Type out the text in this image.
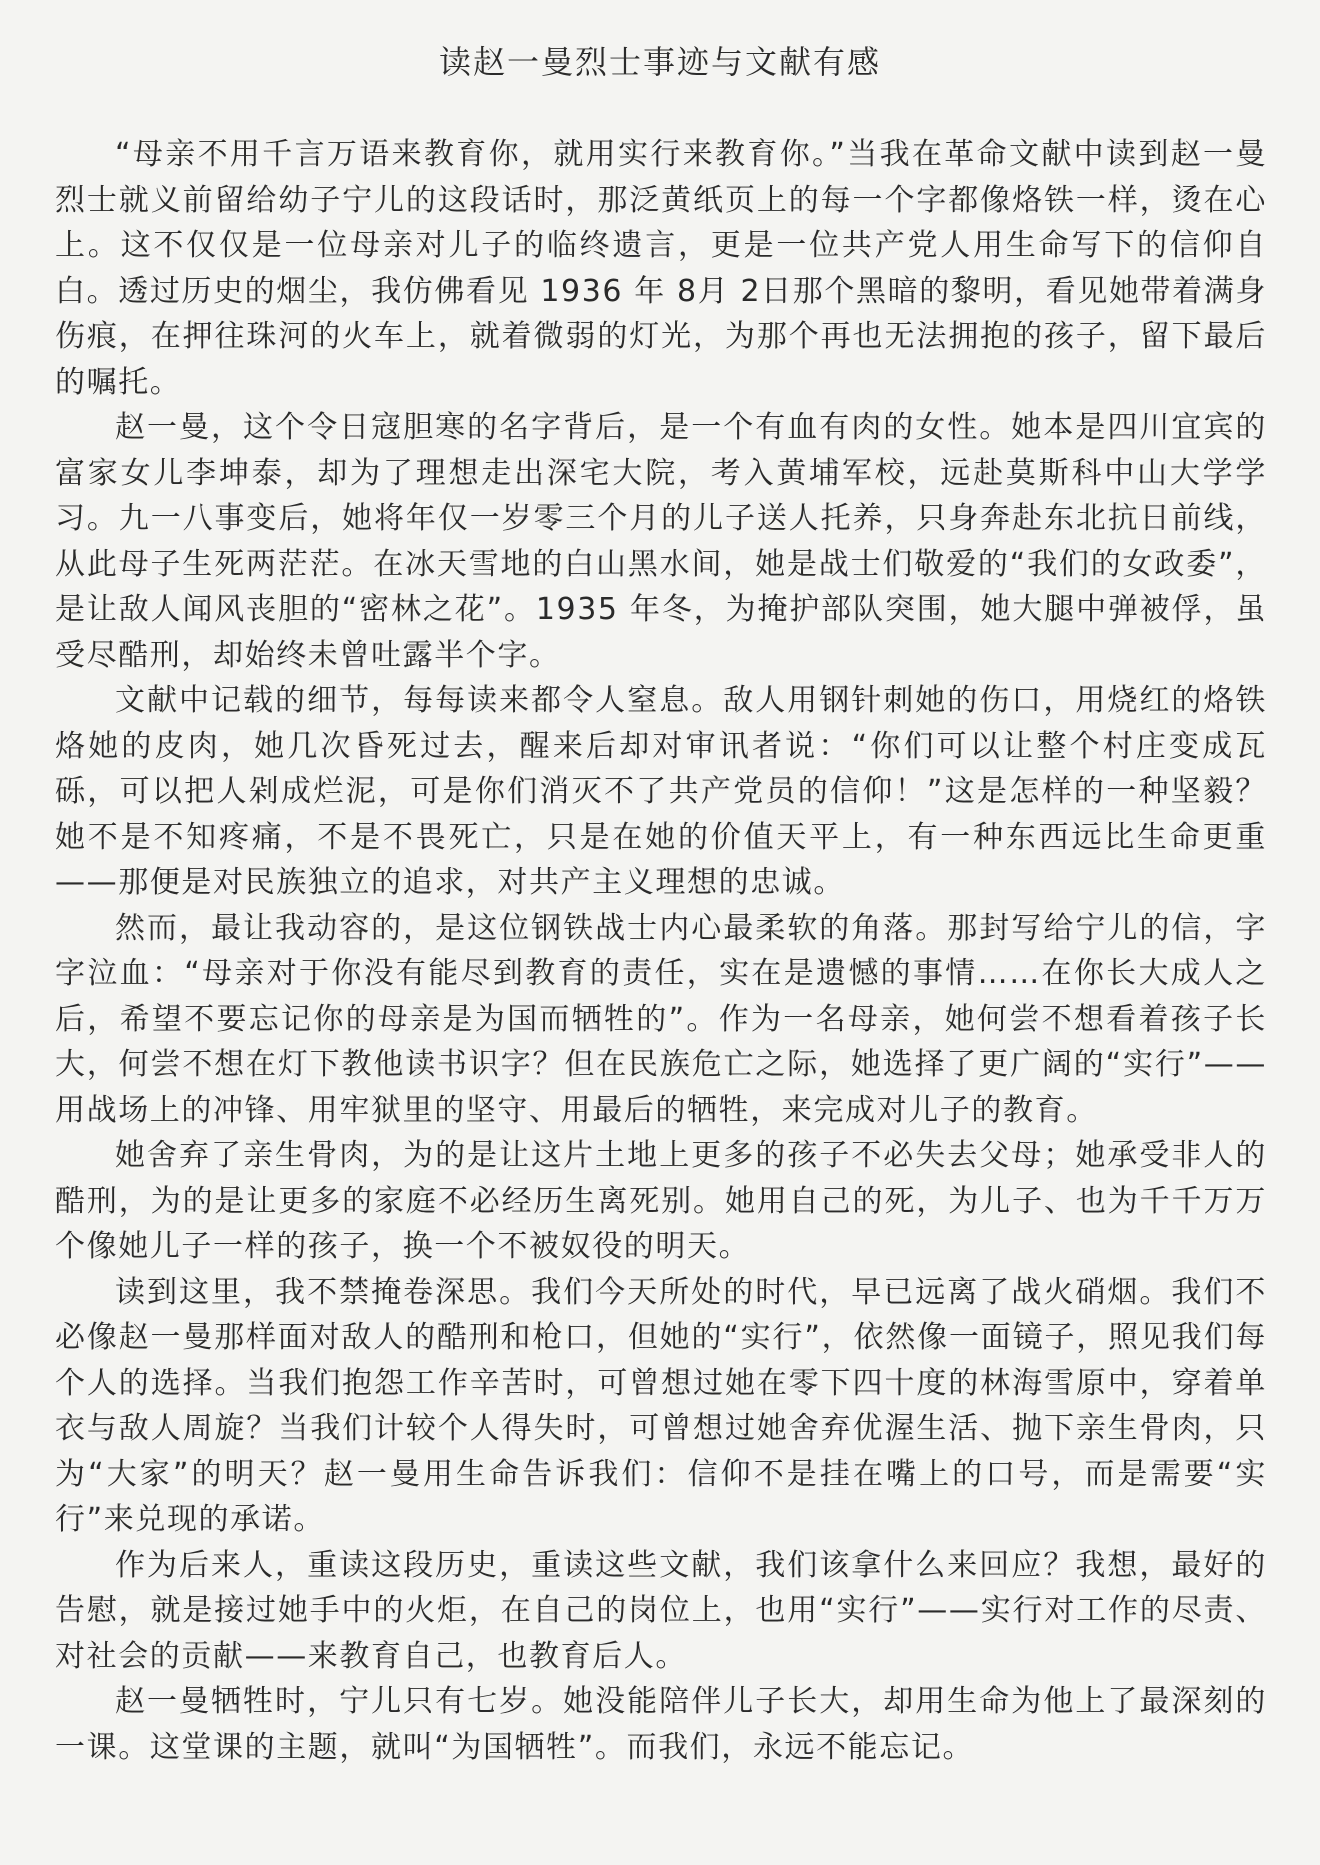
读赵一曼烈士事迹与文献有感

“母亲不用千言万语来教育你，就用实行来教育你。”当我在革命文献中读到赵一曼烈士就义前留给幼子宁儿的这段话时，那泛黄纸页上的每一个字都像烙铁一样，烫在心上。这不仅仅是一位母亲对儿子的临终遗言，更是一位共产党人用生命写下的信仰自白。透过历史的烟尘，我仿佛看见 1936 年 8月 2日那个黑暗的黎明，看见她带着满身伤痕，在押往珠河的火车上，就着微弱的灯光，为那个再也无法拥抱的孩子，留下最后的嘱托。

赵一曼，这个令日寇胆寒的名字背后，是一个有血有肉的女性。她本是四川宜宾的富家女儿李坤泰，却为了理想走出深宅大院，考入黄埔军校，远赴莫斯科中山大学学习。九一八事变后，她将年仅一岁零三个月的儿子送人托养，只身奔赴东北抗日前线，从此母子生死两茫茫。在冰天雪地的白山黑水间，她是战士们敬爱的“我们的女政委”，是让敌人闻风丧胆的“密林之花”。1935 年冬，为掩护部队突围，她大腿中弹被俘，虽受尽酷刑，却始终未曾吐露半个字。

文献中记载的细节，每每读来都令人窒息。敌人用钢针刺她的伤口，用烧红的烙铁烙她的皮肉，她几次昏死过去，醒来后却对审讯者说：“你们可以让整个村庄变成瓦砾，可以把人剁成烂泥，可是你们消灭不了共产党员的信仰！”这是怎样的一种坚毅？她不是不知疼痛，不是不畏死亡，只是在她的价值天平上，有一种东西远比生命更重——那便是对民族独立的追求，对共产主义理想的忠诚。

然而，最让我动容的，是这位钢铁战士内心最柔软的角落。那封写给宁儿的信，字字泣血：“母亲对于你没有能尽到教育的责任，实在是遗憾的事情……在你长大成人之后，希望不要忘记你的母亲是为国而牺牲的”。作为一名母亲，她何尝不想看着孩子长大，何尝不想在灯下教他读书识字？但在民族危亡之际，她选择了更广阔的“实行”——用战场上的冲锋、用牢狱里的坚守、用最后的牺牲，来完成对儿子的教育。

她舍弃了亲生骨肉，为的是让这片土地上更多的孩子不必失去父母；她承受非人的酷刑，为的是让更多的家庭不必经历生离死别。她用自己的死，为儿子、也为千千万万个像她儿子一样的孩子，换一个不被奴役的明天。

读到这里，我不禁掩卷深思。我们今天所处的时代，早已远离了战火硝烟。我们不必像赵一曼那样面对敌人的酷刑和枪口，但她的“实行”，依然像一面镜子，照见我们每个人的选择。当我们抱怨工作辛苦时，可曾想过她在零下四十度的林海雪原中，穿着单衣与敌人周旋？当我们计较个人得失时，可曾想过她舍弃优渥生活、抛下亲生骨肉，只为“大家”的明天？赵一曼用生命告诉我们：信仰不是挂在嘴上的口号，而是需要“实行”来兑现的承诺。

作为后来人，重读这段历史，重读这些文献，我们该拿什么来回应？我想，最好的告慰，就是接过她手中的火炬，在自己的岗位上，也用“实行”——实行对工作的尽责、对社会的贡献——来教育自己，也教育后人。

赵一曼牺牲时，宁儿只有七岁。她没能陪伴儿子长大，却用生命为他上了最深刻的一课。这堂课的主题，就叫“为国牺牲”。而我们，永远不能忘记。
